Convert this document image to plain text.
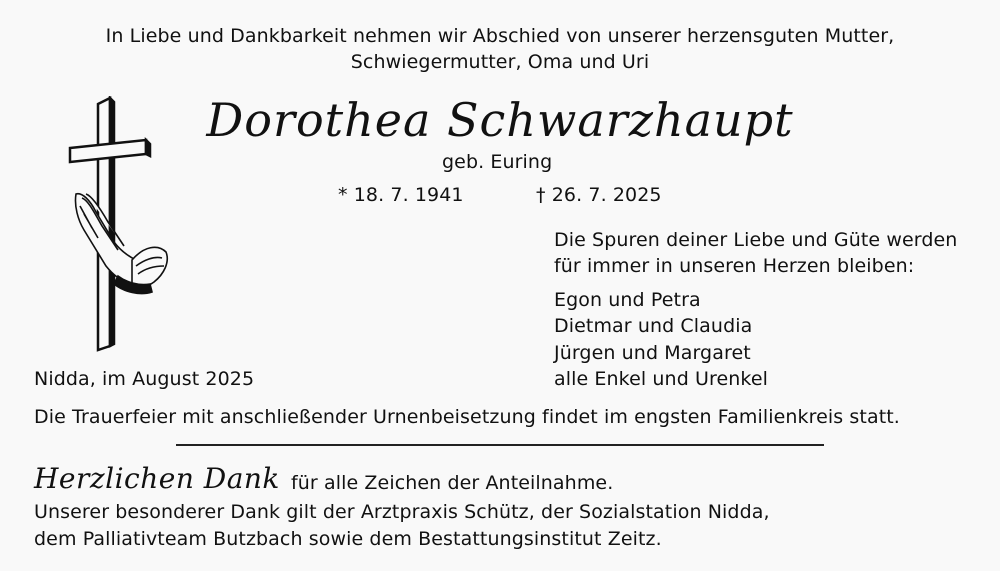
In Liebe und Dankbarkeit nehmen wir Abschied von unserer herzensguten Mutter,
Schwiegermutter, Oma und Uri
Dorothea Schwarzhaupt
geb. Euring
* 18. 7. 1941	† 26. 7. 2025
Die Spuren deiner Liebe und Güte werden
für immer in unseren Herzen bleiben:
Egon und Petra
Dietmar und Claudia
Jürgen und Margaret
alle Enkel und Urenkel
Nidda, im August 2025
Die Trauerfeier mit anschließender Urnenbeisetzung findet im engsten Familienkreis statt.
Herzlichen Dank für alle Zeichen der Anteilnahme.
Unserer besonderer Dank gilt der Arztpraxis Schütz, der Sozialstation Nidda,
dem Palliativteam Butzbach sowie dem Bestattungsinstitut Zeitz.
